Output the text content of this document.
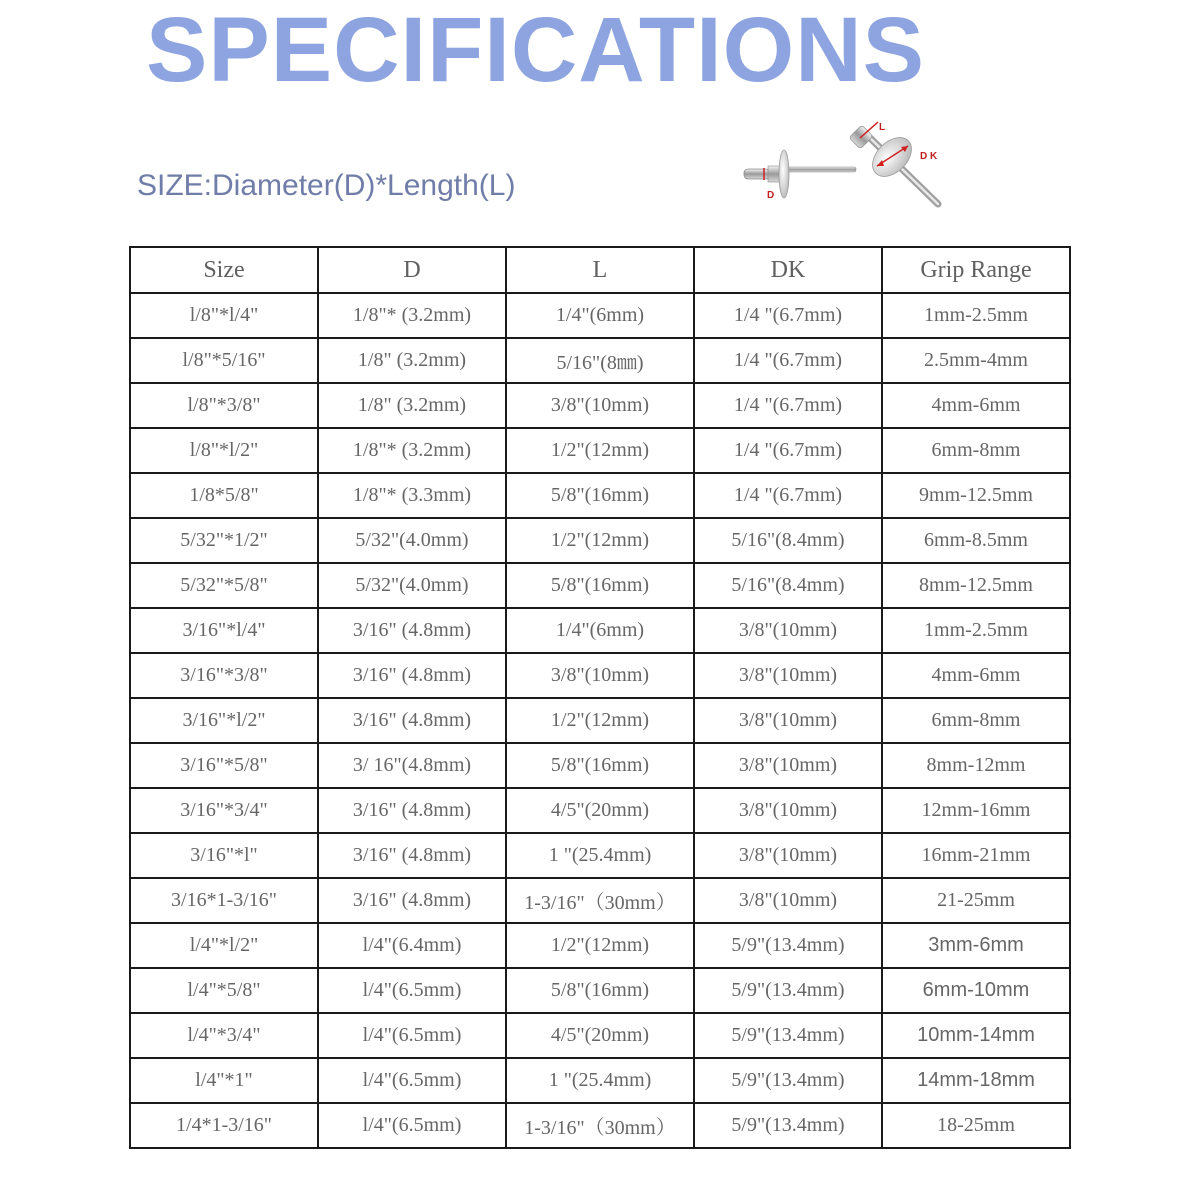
SPECIFICATIONS
SIZE:Diameter(D)*Length(L)	D
L
D K
Size	D	L	DK	Grip Range
l/8"*l/4"	1/8"* (3.2mm)	1/4"(6mm)	1/4 "(6.7mm)	1mm-2.5mm
l/8"*5/16"	1/8" (3.2mm)	5/16"(8㎜)	1/4 "(6.7mm)	2.5mm-4mm
l/8"*3/8"	1/8" (3.2mm)	3/8"(10mm)	1/4 "(6.7mm)	4mm-6mm
l/8"*l/2"	1/8"* (3.2mm)	1/2"(12mm)	1/4 "(6.7mm)	6mm-8mm
1/8*5/8"	1/8"* (3.3mm)	5/8"(16mm)	1/4 "(6.7mm)	9mm-12.5mm
5/32"*1/2"	5/32"(4.0mm)	1/2"(12mm)	5/16"(8.4mm)	6mm-8.5mm
5/32"*5/8"	5/32"(4.0mm)	5/8"(16mm)	5/16"(8.4mm)	8mm-12.5mm
3/16"*l/4"	3/16" (4.8mm)	1/4"(6mm)	3/8"(10mm)	1mm-2.5mm
3/16"*3/8"	3/16" (4.8mm)	3/8"(10mm)	3/8"(10mm)	4mm-6mm
3/16"*l/2"	3/16" (4.8mm)	1/2"(12mm)	3/8"(10mm)	6mm-8mm
3/16"*5/8"	3/ 16"(4.8mm)	5/8"(16mm)	3/8"(10mm)	8mm-12mm
3/16"*3/4"	3/16" (4.8mm)	4/5"(20mm)	3/8"(10mm)	12mm-16mm
3/16"*l"	3/16" (4.8mm)	1 "(25.4mm)	3/8"(10mm)	16mm-21mm
3/16*1-3/16"	3/16" (4.8mm)	1-3/16"（30mm）	3/8"(10mm)	21-25mm
l/4"*l/2"	l/4"(6.4mm)	1/2"(12mm)	5/9"(13.4mm)	3mm-6mm
l/4"*5/8"	l/4"(6.5mm)	5/8"(16mm)	5/9"(13.4mm)	6mm-10mm
l/4"*3/4"	l/4"(6.5mm)	4/5"(20mm)	5/9"(13.4mm)	10mm-14mm
l/4"*1"	l/4"(6.5mm)	1 "(25.4mm)	5/9"(13.4mm)	14mm-18mm
1/4*1-3/16"	l/4"(6.5mm)	1-3/16"（30mm）	5/9"(13.4mm)	18-25mm
